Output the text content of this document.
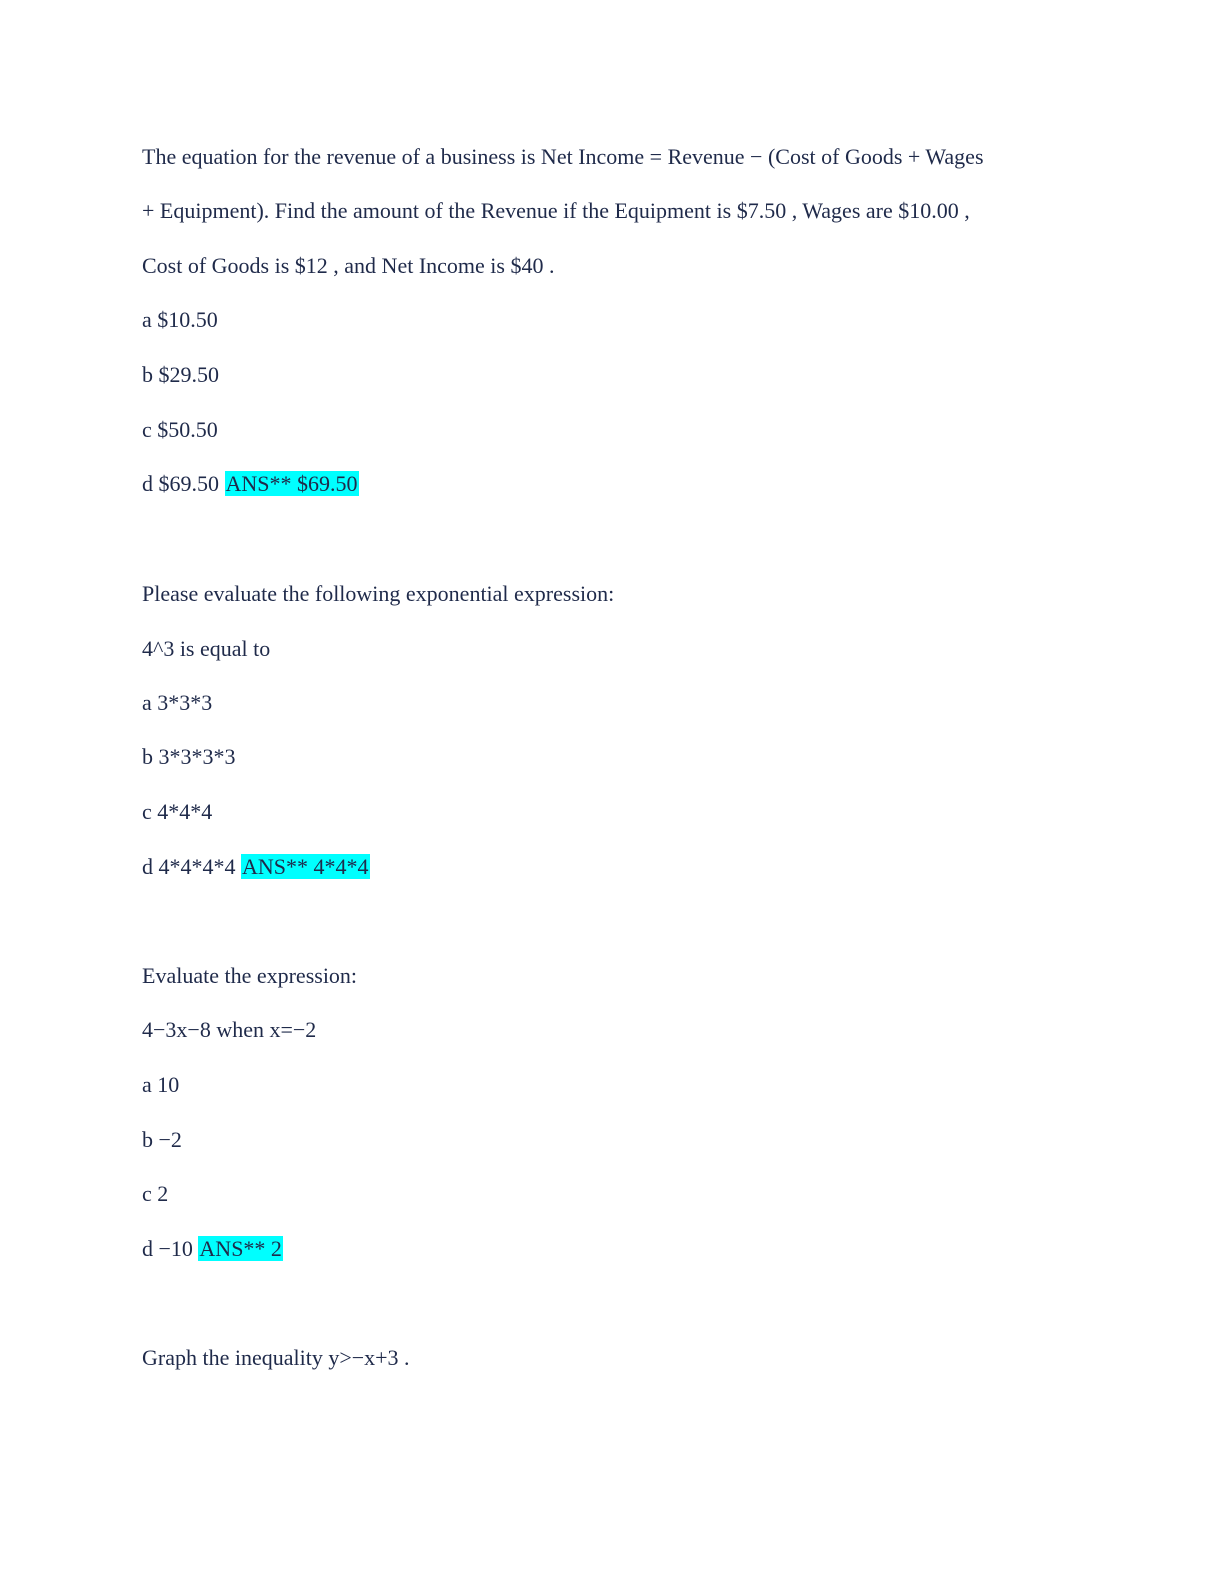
The equation for the revenue of a business is Net Income = Revenue − (Cost of Goods + Wages
+ Equipment). Find the amount of the Revenue if the Equipment is $7.50 , Wages are $10.00 ,
Cost of Goods is $12 , and Net Income is $40 .
a $10.50
b $29.50
c $50.50
d $69.50 ANS** $69.50
Please evaluate the following exponential expression:
4^3 is equal to
a 3*3*3
b 3*3*3*3
c 4*4*4
d 4*4*4*4 ANS** 4*4*4
Evaluate the expression:
4−3x−8 when x=−2
a 10
b −2
c 2
d −10 ANS** 2
Graph the inequality y>−x+3 .
